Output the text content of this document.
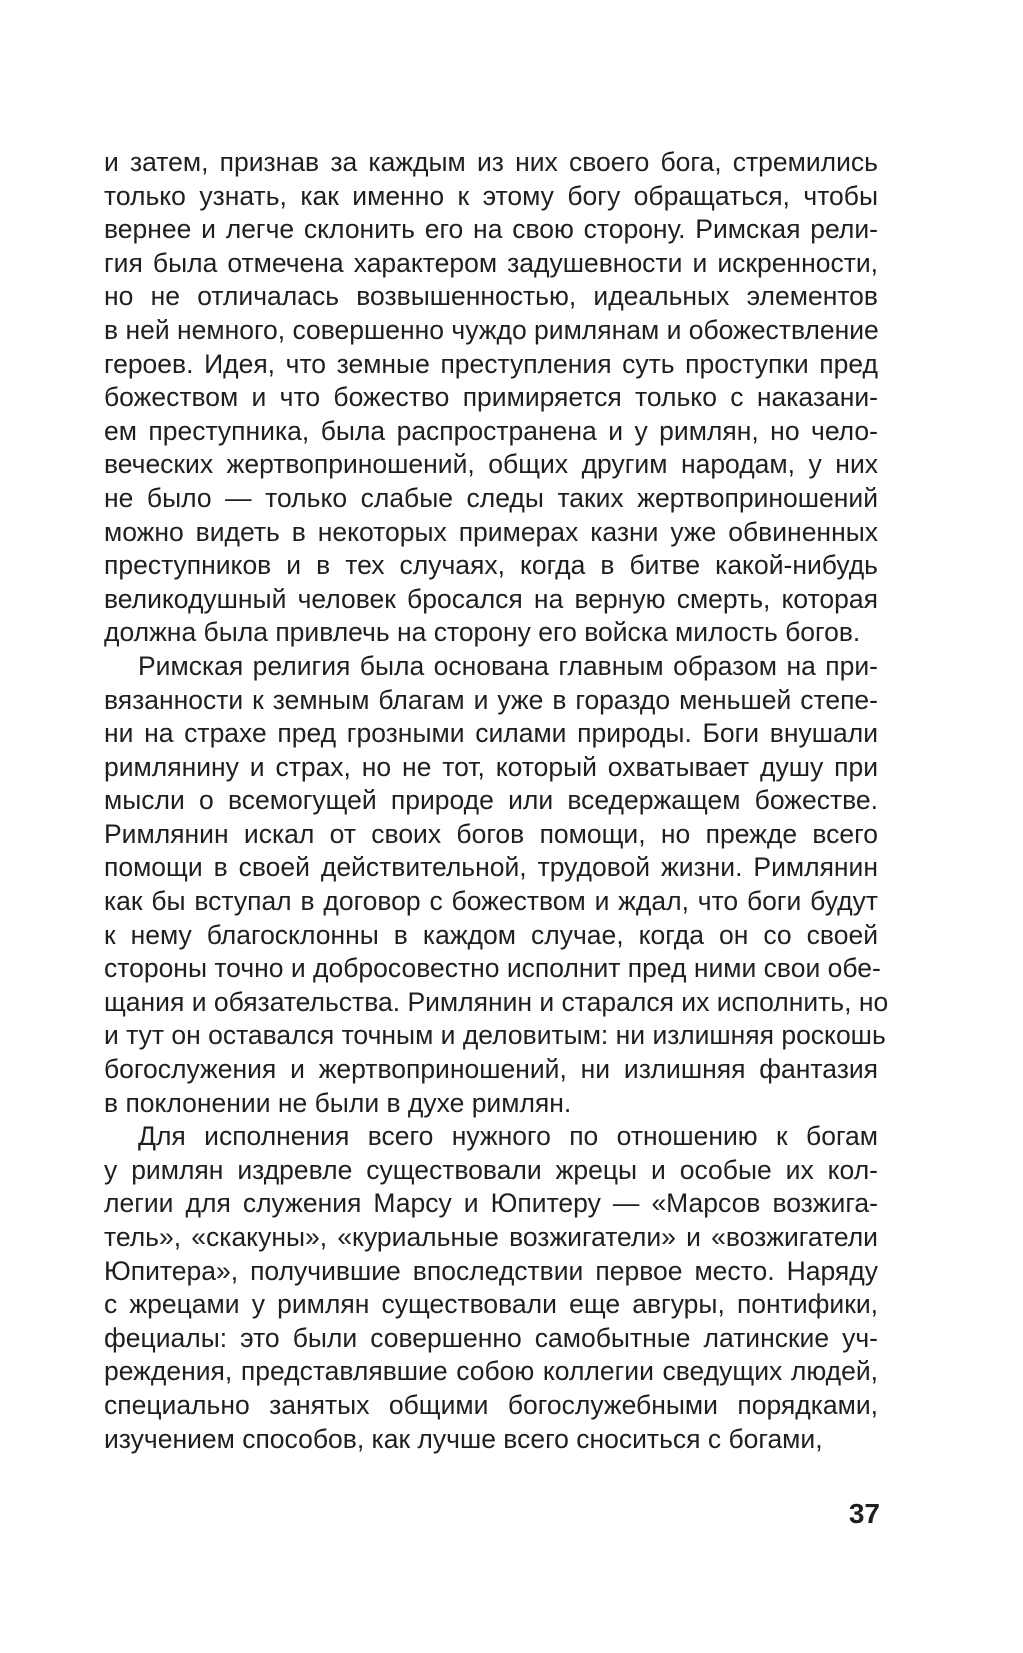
и затем, признав за каждым из них своего бога, стремились
только узнать, как именно к этому богу обращаться, чтобы
вернее и легче склонить его на свою сторону. Римская рели-
гия была отмечена характером задушевности и искренности,
но не отличалась возвышенностью, идеальных элементов
в ней немного, совершенно чуждо римлянам и обожествление
героев. Идея, что земные преступления суть проступки пред
божеством и что божество примиряется только с наказани-
ем преступника, была распространена и у римлян, но чело-
веческих жертвоприношений, общих другим народам, у них
не было — только слабые следы таких жертвоприношений
можно видеть в некоторых примерах казни уже обвиненных
преступников и в тех случаях, когда в битве какой-нибудь
великодушный человек бросался на верную смерть, которая
должна была привлечь на сторону его войска милость богов.

Римская религия была основана главным образом на при-
вязанности к земным благам и уже в гораздо меньшей степе-
ни на страхе пред грозными силами природы. Боги внушали
римлянину и страх, но не тот, который охватывает душу при
мысли о всемогущей природе или вседержащем божестве.
Римлянин искал от своих богов помощи, но прежде всего
помощи в своей действительной, трудовой жизни. Римлянин
как бы вступал в договор с божеством и ждал, что боги будут
к нему благосклонны в каждом случае, когда он со своей
стороны точно и добросовестно исполнит пред ними свои обе-
щания и обязательства. Римлянин и старался их исполнить, но
и тут он оставался точным и деловитым: ни излишняя роскошь
богослужения и жертвоприношений, ни излишняя фантазия
в поклонении не были в духе римлян.

Для исполнения всего нужного по отношению к богам
у римлян издревле существовали жрецы и особые их кол-
легии для служения Марсу и Юпитеру — «Марсов возжига-
тель», «скакуны», «куриальные возжигатели» и «возжигатели
Юпитера», получившие впоследствии первое место. Наряду
с жрецами у римлян существовали еще авгуры, понтифики,
фециалы: это были совершенно самобытные латинские уч-
реждения, представлявшие собою коллегии сведущих людей,
специально занятых общими богослужебными порядками,
изучением способов, как лучше всего сноситься с богами,

37
